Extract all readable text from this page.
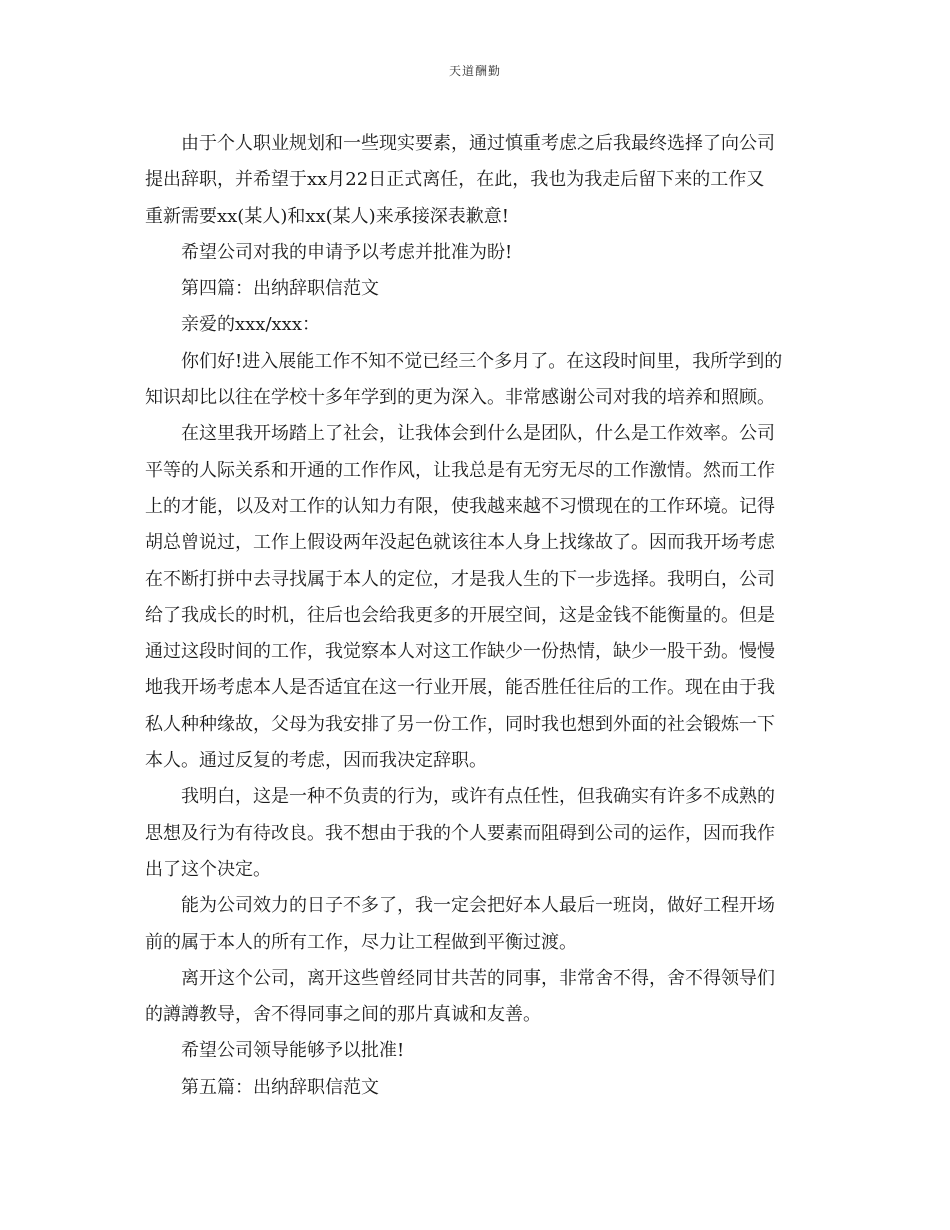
天道酬勤

由于个人职业规划和一些现实要素，通过慎重考虑之后我最终选择了向公司
提出辞职，并希望于xx月22日正式离任，在此，我也为我走后留下来的工作又
重新需要xx(某人)和xx(某人)来承接深表歉意!

希望公司对我的申请予以考虑并批准为盼!

第四篇：出纳辞职信范文

亲爱的xxx/xxx：

你们好!进入展能工作不知不觉已经三个多月了。在这段时间里，我所学到的
知识却比以往在学校十多年学到的更为深入。非常感谢公司对我的培养和照顾。

在这里我开场踏上了社会，让我体会到什么是团队，什么是工作效率。公司
平等的人际关系和开通的工作作风，让我总是有无穷无尽的工作激情。然而工作
上的才能，以及对工作的认知力有限，使我越来越不习惯现在的工作环境。记得
胡总曾说过，工作上假设两年没起色就该往本人身上找缘故了。因而我开场考虑
在不断打拼中去寻找属于本人的定位，才是我人生的下一步选择。我明白，公司
给了我成长的时机，往后也会给我更多的开展空间，这是金钱不能衡量的。但是
通过这段时间的工作，我觉察本人对这工作缺少一份热情，缺少一股干劲。慢慢
地我开场考虑本人是否适宜在这一行业开展，能否胜任往后的工作。现在由于我
私人种种缘故，父母为我安排了另一份工作，同时我也想到外面的社会锻炼一下
本人。通过反复的考虑，因而我决定辞职。

我明白，这是一种不负责的行为，或许有点任性，但我确实有许多不成熟的
思想及行为有待改良。我不想由于我的个人要素而阻碍到公司的运作，因而我作
出了这个决定。

能为公司效力的日子不多了，我一定会把好本人最后一班岗，做好工程开场
前的属于本人的所有工作，尽力让工程做到平衡过渡。

离开这个公司，离开这些曾经同甘共苦的同事，非常舍不得，舍不得领导们
的譐譐教导，舍不得同事之间的那片真诚和友善。

希望公司领导能够予以批准!

第五篇：出纳辞职信范文
